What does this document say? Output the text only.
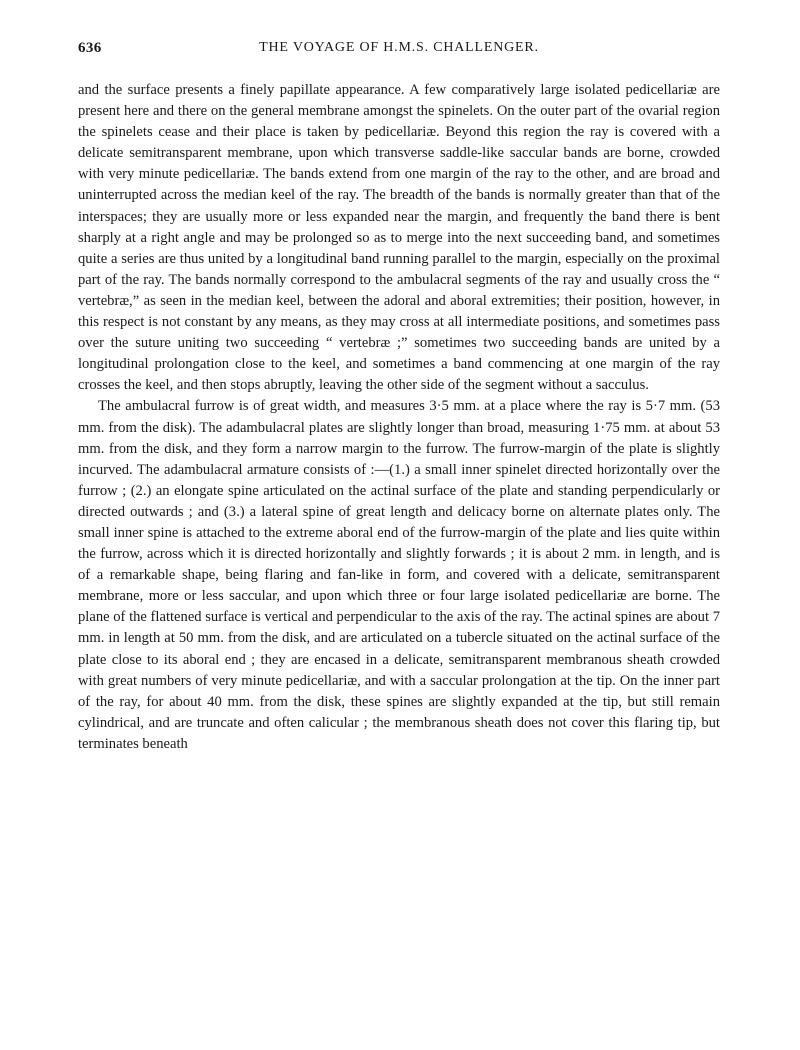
636	THE VOYAGE OF H.M.S. CHALLENGER.

and the surface presents a finely papillate appearance. A few comparatively large isolated pedicellariæ are present here and there on the general membrane amongst the spinelets. On the outer part of the ovarial region the spinelets cease and their place is taken by pedicellariæ. Beyond this region the ray is covered with a delicate semitransparent membrane, upon which transverse saddle-like saccular bands are borne, crowded with very minute pedicellariæ. The bands extend from one margin of the ray to the other, and are broad and uninterrupted across the median keel of the ray. The breadth of the bands is normally greater than that of the interspaces; they are usually more or less expanded near the margin, and frequently the band there is bent sharply at a right angle and may be prolonged so as to merge into the next succeeding band, and sometimes quite a series are thus united by a longitudinal band running parallel to the margin, especially on the proximal part of the ray. The bands normally correspond to the ambulacral segments of the ray and usually cross the “ vertebræ,” as seen in the median keel, between the adoral and aboral extremities; their position, however, in this respect is not constant by any means, as they may cross at all intermediate positions, and sometimes pass over the suture uniting two succeeding “ vertebræ ;” sometimes two succeeding bands are united by a longitudinal prolongation close to the keel, and sometimes a band commencing at one margin of the ray crosses the keel, and then stops abruptly, leaving the other side of the segment without a sacculus.

The ambulacral furrow is of great width, and measures 3·5 mm. at a place where the ray is 5·7 mm. (53 mm. from the disk). The adambulacral plates are slightly longer than broad, measuring 1·75 mm. at about 53 mm. from the disk, and they form a narrow margin to the furrow. The furrow-margin of the plate is slightly incurved. The adambulacral armature consists of :—(1.) a small inner spinelet directed horizontally over the furrow ; (2.) an elongate spine articulated on the actinal surface of the plate and standing perpendicularly or directed outwards ; and (3.) a lateral spine of great length and delicacy borne on alternate plates only. The small inner spine is attached to the extreme aboral end of the furrow-margin of the plate and lies quite within the furrow, across which it is directed horizontally and slightly forwards ; it is about 2 mm. in length, and is of a remarkable shape, being flaring and fan-like in form, and covered with a delicate, semitransparent membrane, more or less saccular, and upon which three or four large isolated pedicellariæ are borne. The plane of the flattened surface is vertical and perpendicular to the axis of the ray. The actinal spines are about 7 mm. in length at 50 mm. from the disk, and are articulated on a tubercle situated on the actinal surface of the plate close to its aboral end ; they are encased in a delicate, semitransparent membranous sheath crowded with great numbers of very minute pedicellariæ, and with a saccular prolongation at the tip. On the inner part of the ray, for about 40 mm. from the disk, these spines are slightly expanded at the tip, but still remain cylindrical, and are truncate and often calicular ; the membranous sheath does not cover this flaring tip, but terminates beneath
